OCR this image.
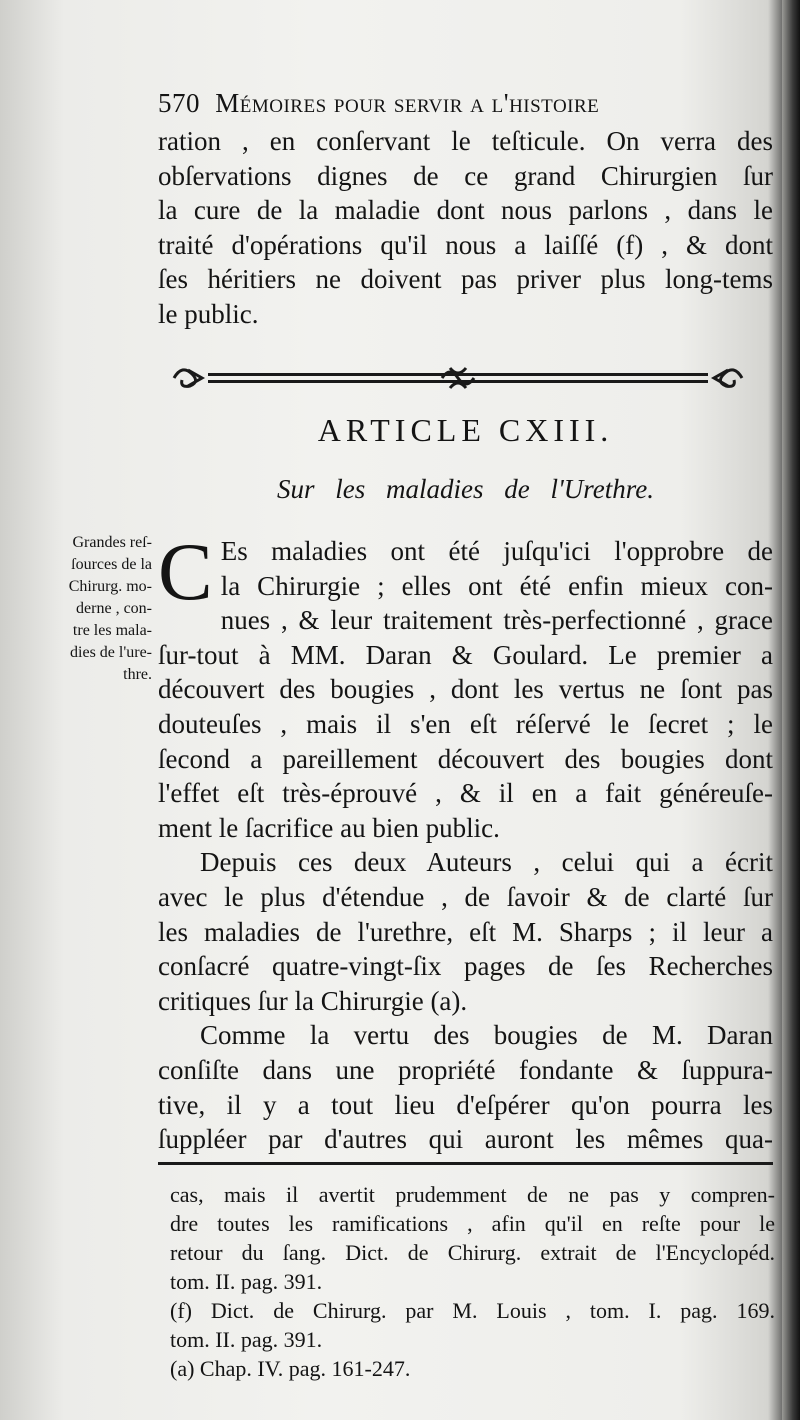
570 Mémoires pour servir a l'histoire
ration , en conſervant le teſticule. On verra des
obſervations dignes de ce grand Chirurgien ſur
la cure de la maladie dont nous parlons , dans le
traité d'opérations qu'il nous a laiſſé (f) , & dont
ſes héritiers ne doivent pas priver plus long-tems
le public.
ARTICLE CXIII.
Sur les maladies de l'Urethre.
Grandes reſ-
ſources de la
Chirurg. mo-
derne , con-
tre les mala-
dies de l'ure-
thre.
C Es maladies ont été juſqu'ici l'opprobre de
la Chirurgie ; elles ont été enfin mieux con-
nues , & leur traitement très-perfectionné , grace
ſur-tout à MM. Daran & Goulard. Le premier a
découvert des bougies , dont les vertus ne ſont pas
douteuſes , mais il s'en eſt réſervé le ſecret ; le
ſecond a pareillement découvert des bougies dont
l'effet eſt très-éprouvé , & il en a fait généreuſe-
ment le ſacrifice au bien public.
Depuis ces deux Auteurs , celui qui a écrit
avec le plus d'étendue , de ſavoir & de clarté ſur
les maladies de l'urethre, eſt M. Sharps ; il leur a
conſacré quatre-vingt-ſix pages de ſes Recherches
critiques ſur la Chirurgie (a).
Comme la vertu des bougies de M. Daran
conſiſte dans une propriété fondante & ſuppura-
tive, il y a tout lieu d'eſpérer qu'on pourra les
ſuppléer par d'autres qui auront les mêmes qua-
cas, mais il avertit prudemment de ne pas y compren-
dre toutes les ramifications , afin qu'il en reſte pour le
retour du ſang. Dict. de Chirurg. extrait de l'Encyclopéd.
tom. II. pag. 391.
(f) Dict. de Chirurg. par M. Louis , tom. I. pag. 169.
tom. II. pag. 391.
(a) Chap. IV. pag. 161-247.
